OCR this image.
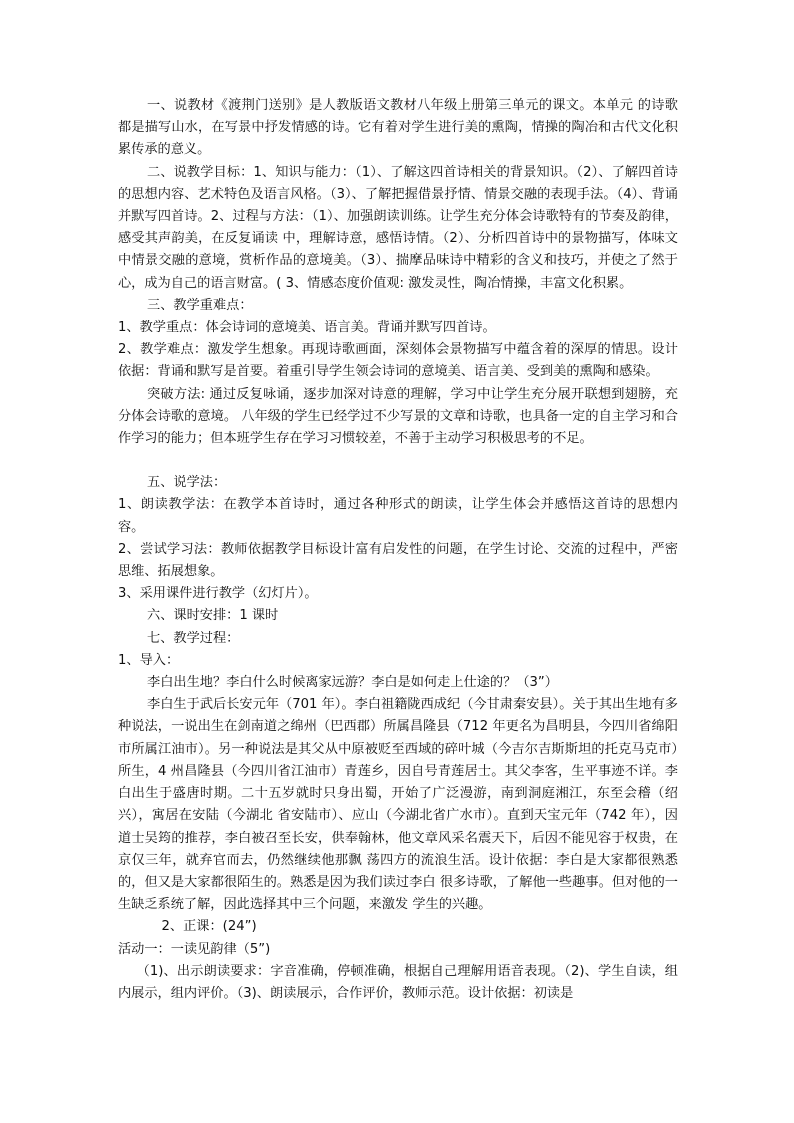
一、说教材《渡荆门送别》是人教版语文教材八年级上册第三单元的课文。本单元 的诗歌都是描写山水，在写景中抒发情感的诗。它有着对学生进行美的熏陶，情操的陶冶和古代文化积累传承的意义。

二、说教学目标：1、知识与能力：（1）、了解这四首诗相关的背景知识。（2）、了解四首诗的思想内容、艺术特色及语言风格。（3）、了解把握借景抒情、情景交融的表现手法。（4）、背诵并默写四首诗。2、过程与方法：（1）、加强朗读训练。让学生充分体会诗歌特有的节奏及韵律，感受其声韵美，在反复诵读 中，理解诗意，感悟诗情。（2）、分析四首诗中的景物描写，体味文中情景交融的意境，赏析作品的意境美。（3）、揣摩品味诗中精彩的含义和技巧，并使之了然于心，成为自己的语言财富。( 3、情感态度价值观: 激发灵性，陶冶情操，丰富文化积累。

三、教学重难点：

1、教学重点：体会诗词的意境美、语言美。背诵并默写四首诗。

2、教学难点：激发学生想象。再现诗歌画面，深刻体会景物描写中蕴含着的深厚的情思。设计依据：背诵和默写是首要。着重引导学生领会诗词的意境美、语言美、受到美的熏陶和感染。

突破方法: 通过反复咏诵，逐步加深对诗意的理解，学习中让学生充分展开联想到翅膀，充分体会诗歌的意境。 八年级的学生已经学过不少写景的文章和诗歌，也具备一定的自主学习和合作学习的能力；但本班学生存在学习习惯较差，不善于主动学习积极思考的不足。

五、说学法：

1、朗读教学法：在教学本首诗时，通过各种形式的朗读，让学生体会并感悟这首诗的思想内容。

2、尝试学习法：教师依据教学目标设计富有启发性的问题，在学生讨论、交流的过程中，严密思维、拓展想象。

3、采用课件进行教学（幻灯片）。

六、课时安排：1 课时

七、教学过程：

1、导入：

李白出生地？李白什么时候离家远游？李白是如何走上仕途的？（3”）

李白生于武后长安元年（701 年）。李白祖籍陇西成纪（今甘肃秦安县）。关于其出生地有多种说法，一说出生在剑南道之绵州（巴西郡）所属昌隆县（712 年更名为昌明县，今四川省绵阳市所属江油市）。另一种说法是其父从中原被贬至西域的碎叶城（今吉尔吉斯斯坦的托克马克市）所生，4 州昌隆县（今四川省江油市）青莲乡，因自号青莲居士。其父李客，生平事迹不详。李白出生于盛唐时期。二十五岁就时只身出蜀，开始了广泛漫游，南到洞庭湘江，东至会稽（绍兴），寓居在安陆（今湖北 省安陆市）、应山（今湖北省广水市）。直到天宝元年（742 年），因道士吴筠的推荐，李白被召至长安，供奉翰林，他文章风采名震天下，后因不能见容于权贵，在京仅三年，就弃官而去，仍然继续他那飘 荡四方的流浪生活。设计依据：李白是大家都很熟悉的，但又是大家都很陌生的。熟悉是因为我们读过李白 很多诗歌，了解他一些趣事。但对他的一生缺乏系统了解，因此选择其中三个问题，来激发 学生的兴趣。

2、正课：(24”)

活动一：一读见韵律（5”)

（1)、出示朗读要求：字音准确，停顿准确，根据自己理解用语音表现。（2)、学生自读，组内展示，组内评价。（3)、朗读展示，合作评价，教师示范。设计依据：初读是
